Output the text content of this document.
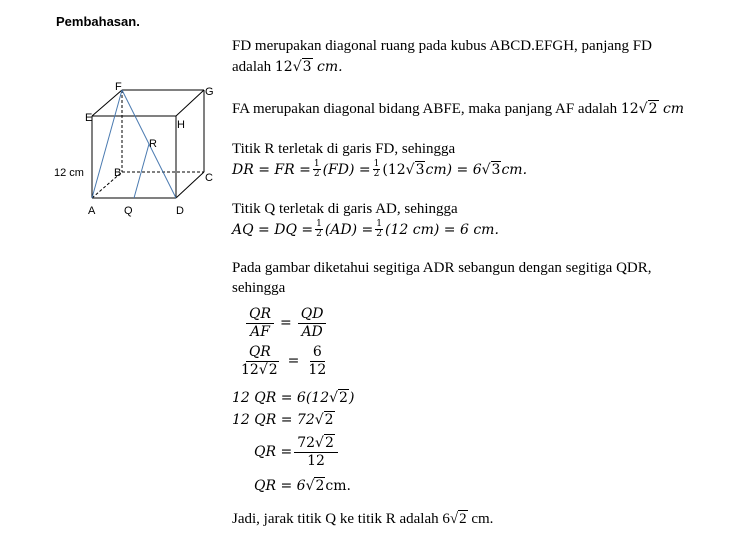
Pembahasan.
F	G
E
H
R
B	C
A	Q	D
12 cm
FD merupakan diagonal ruang pada kubus ABCD.EFGH, panjang FD
adalah 12√3 cm.
FA merupakan diagonal bidang ABFE, maka panjang AF adalah 12√2 cm
Titik R terletak di garis FD, sehingga
DR = FR = $\frac{1}{2} (FD) = \frac{1}{2} (12$ √3 cm) = 6 √3 cm.
Titik Q terletak di garis AD, sehingga
AQ = DQ = $\frac{1}{2} (AD) = \frac{1}{2} (12$ cm) = 6 cm.
Pada gambar diketahui segitiga ADR sebangun dengan segitiga QDR,
sehingga
$\frac{QR}{AF} = \frac{QD}{AD}$
$\frac{QR}{12√2} = \frac{6}{12}$
12 QR = 6(12 √2 )
12 QR = 72 √2
QR = $\frac{72√2}{12}$
QR = 6 √2 cm.
Jadi, jarak titik Q ke titik R adalah 6√2 cm.
